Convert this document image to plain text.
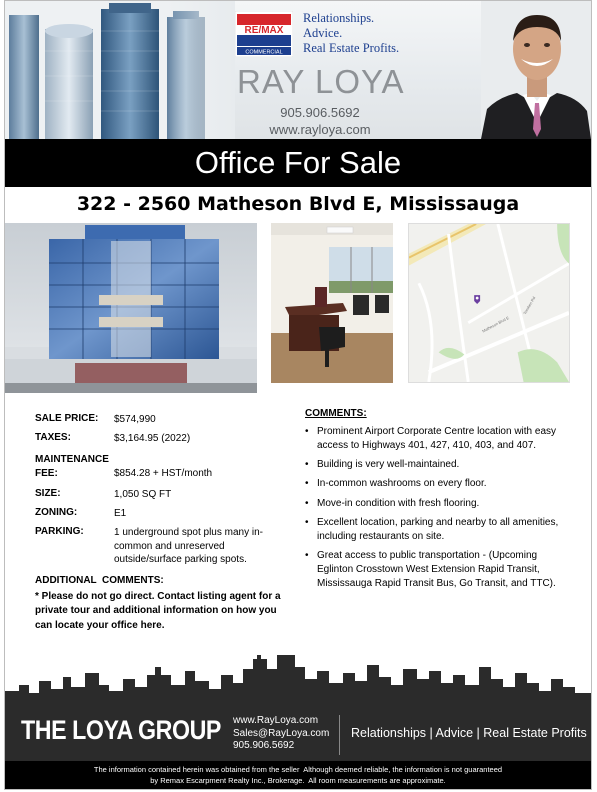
RE/MAX
COMMERCIAL
Relationships.
Advice.
Real Estate Profits.
RAY LOYA
905.906.5692
www.rayloya.com
Office For Sale
322 - 2560 Matheson Blvd E, Mississauga
Matheson Blvd E
Tomken Rd
SALE PRICE: $574,990
TAXES:	$3,164.95 (2022)
MAINTENANCE
FEE:	$854.28 + HST/month
SIZE:	1,050 SQ FT
ZONING:	E1
PARKING:	1 underground spot plus many in-common and unreserved outside/surface parking spots.
ADDITIONAL  COMMENTS:
* Please do not go direct. Contact listing agent for a private tour and additional information on how you can locate your office here.
COMMENTS:
• Prominent Airport Corporate Centre location with easy access to Highways 401, 427, 410, 403, and 407.
• Building is very well-maintained.
• In-common washrooms on every floor.
• Move-in condition with fresh flooring.
• Excellent location, parking and nearby to all amenities, including restaurants on site.
• Great access to public transportation - (Upcoming Eglinton Crosstown West Extension Rapid Transit, Mississauga Rapid Transit Bus, Go Transit, and TTC).
THE LOYA GROUP www.RayLoya.com
Sales@RayLoya.com
905.906.5692
Relationships | Advice | Real Estate Profits
The information contained herein was obtained from the seller  Although deemed reliable, the information is not guaranteed
by Remax Escarpment Realty Inc., Brokerage.  All room measurements are approximate.
